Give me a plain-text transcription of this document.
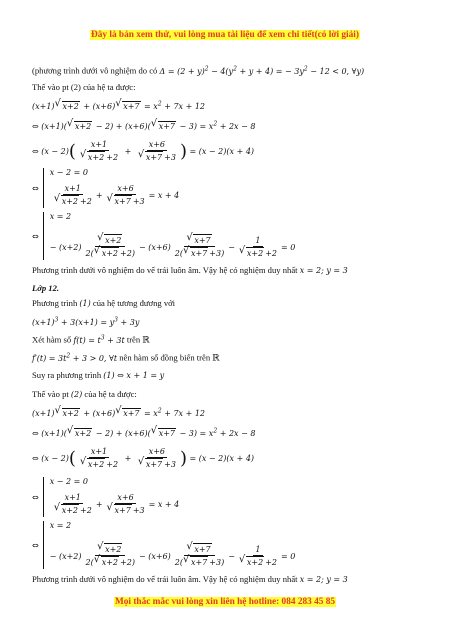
Đây là bản xem thử, vui lòng mua tài liệu để xem chi tiết(có lời giải)
(phương trình dưới vô nghiệm do có $\Delta = (2 + y)^2 - 4(y^2 + y + 4)$ = − $3y^2 - 12 < 0$, ∀y)
Thế vào pt (2) của hệ ta được:
(x+1) √ x+2 + (x+6) √ $x+7 = x^2 + 7x + 12$
⇔ (x+1)( √ x+2 − 2) + (x+6)( √ $x+7 - 3) = x^2 + 2x - 8$
⇔ (x − 2)( x+1
√ x+2 +2 + x+6
√ x+7 +3 ) = (x − 2)(x + 4)
⇔
x − 2 = 0
x+1
√ x+2 +2 + x+6
√ x+7 +3 = x + 4
⇔
x = 2
− (x+2) √ $\frac{x+2}{2( √ x+2 +2)} - (x+6)$ √ $\frac{x+7}{2( √ x+7 +3)} - 1$
√ x+2 +2 = 0
Phương trình dưới vô nghiệm do vế trái luôn âm. Vậy hệ có nghiệm duy nhất x = 2; y = 3
Lớp 12.
Phương trình (1) của hệ tương đương với
$(x+1)^3 + 3(x+1) = y^3 + 3y$
Xét hàm số $f(t) = t^3 + 3t$ trên ℝ
$f'(t) = 3t^2 + 3 > 0$, ∀t nên hàm số đồng biến trên ℝ
Suy ra phương trình (1) ⇔ x + 1 = y
Thế vào pt (2) của hệ ta được:
(x+1) √ x+2 + (x+6) √ $x+7 = x^2 + 7x + 12$
⇔ (x+1)( √ x+2 − 2) + (x+6)( √ $x+7 - 3) = x^2 + 2x - 8$
⇔ (x − 2)( x+1
√ x+2 +2 + x+6
√ x+7 +3 ) = (x − 2)(x + 4)
⇔
x − 2 = 0
x+1
√ x+2 +2 + x+6
√ x+7 +3 = x + 4
⇔
x = 2
− (x+2) √ $\frac{x+2}{2( √ x+2 +2)} - (x+6)$ √ $\frac{x+7}{2( √ x+7 +3)} - 1$
√ x+2 +2 = 0
Phương trình dưới vô nghiệm do vế trái luôn âm. Vậy hệ có nghiệm duy nhất x = 2; y = 3
Mọi thắc mắc vui lòng xin liên hệ hotline: 084 283 45 85
